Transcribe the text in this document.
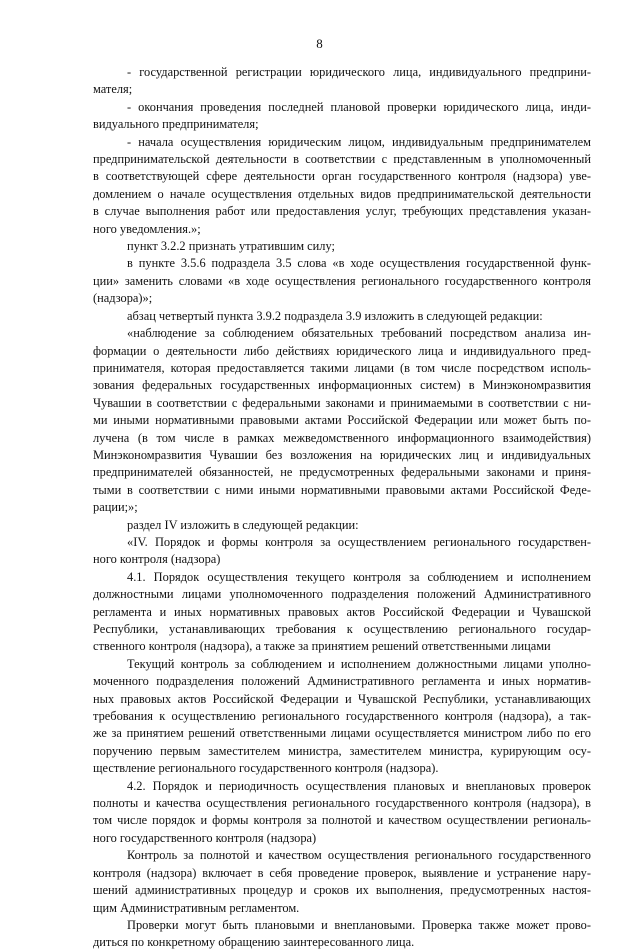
8
- государственной регистрации юридического лица, индивидуального предприни-
мателя;
- окончания проведения последней плановой проверки юридического лица, инди-
видуального предпринимателя;
- начала осуществления юридическим лицом, индивидуальным предпринимателем
предпринимательской деятельности в соответствии с представленным в уполномоченный
в соответствующей сфере деятельности орган государственного контроля (надзора) уве-
домлением о начале осуществления отдельных видов предпринимательской деятельности
в случае выполнения работ или предоставления услуг, требующих представления указан-
ного уведомления.»;
пункт 3.2.2 признать утратившим силу;
в пункте 3.5.6 подраздела 3.5 слова «в ходе осуществления государственной функ-
ции» заменить словами «в ходе осуществления регионального государственного контроля
(надзора)»;
абзац четвертый пункта 3.9.2 подраздела 3.9 изложить в следующей редакции:
«наблюдение за соблюдением обязательных требований посредством анализа ин-
формации о деятельности либо действиях юридического лица и индивидуального пред-
принимателя, которая предоставляется такими лицами (в том числе посредством исполь-
зования федеральных государственных информационных систем) в Минэкономразвития
Чувашии в соответствии с федеральными законами и принимаемыми в соответствии с ни-
ми иными нормативными правовыми актами Российской Федерации или может быть по-
лучена (в том числе в рамках межведомственного информационного взаимодействия)
Минэкономразвития Чувашии без возложения на юридических лиц и индивидуальных
предпринимателей обязанностей, не предусмотренных федеральными законами и приня-
тыми в соответствии с ними иными нормативными правовыми актами Российской Феде-
рации;»;
раздел IV изложить в следующей редакции:
«IV. Порядок и формы контроля за осуществлением регионального государствен-
ного контроля (надзора)
4.1. Порядок осуществления текущего контроля за соблюдением и исполнением
должностными лицами уполномоченного подразделения положений Административного
регламента и иных нормативных правовых актов Российской Федерации и Чувашской
Республики, устанавливающих требования к осуществлению регионального государ-
ственного контроля (надзора), а также за принятием решений ответственными лицами
Текущий контроль за соблюдением и исполнением должностными лицами уполно-
моченного подразделения положений Административного регламента и иных норматив-
ных правовых актов Российской Федерации и Чувашской Республики, устанавливающих
требования к осуществлению регионального государственного контроля (надзора), а так-
же за принятием решений ответственными лицами осуществляется министром либо по его
поручению первым заместителем министра, заместителем министра, курирующим осу-
ществление регионального государственного контроля (надзора).
4.2. Порядок и периодичность осуществления плановых и внеплановых проверок
полноты и качества осуществления регионального государственного контроля (надзора), в
том числе порядок и формы контроля за полнотой и качеством осуществлении региональ-
ного государственного контроля (надзора)
Контроль за полнотой и качеством осуществления регионального государственного
контроля (надзора) включает в себя проведение проверок, выявление и устранение нару-
шений административных процедур и сроков их выполнения, предусмотренных настоя-
щим Административным регламентом.
Проверки могут быть плановыми и внеплановыми. Проверка также может прово-
диться по конкретному обращению заинтересованного лица.
